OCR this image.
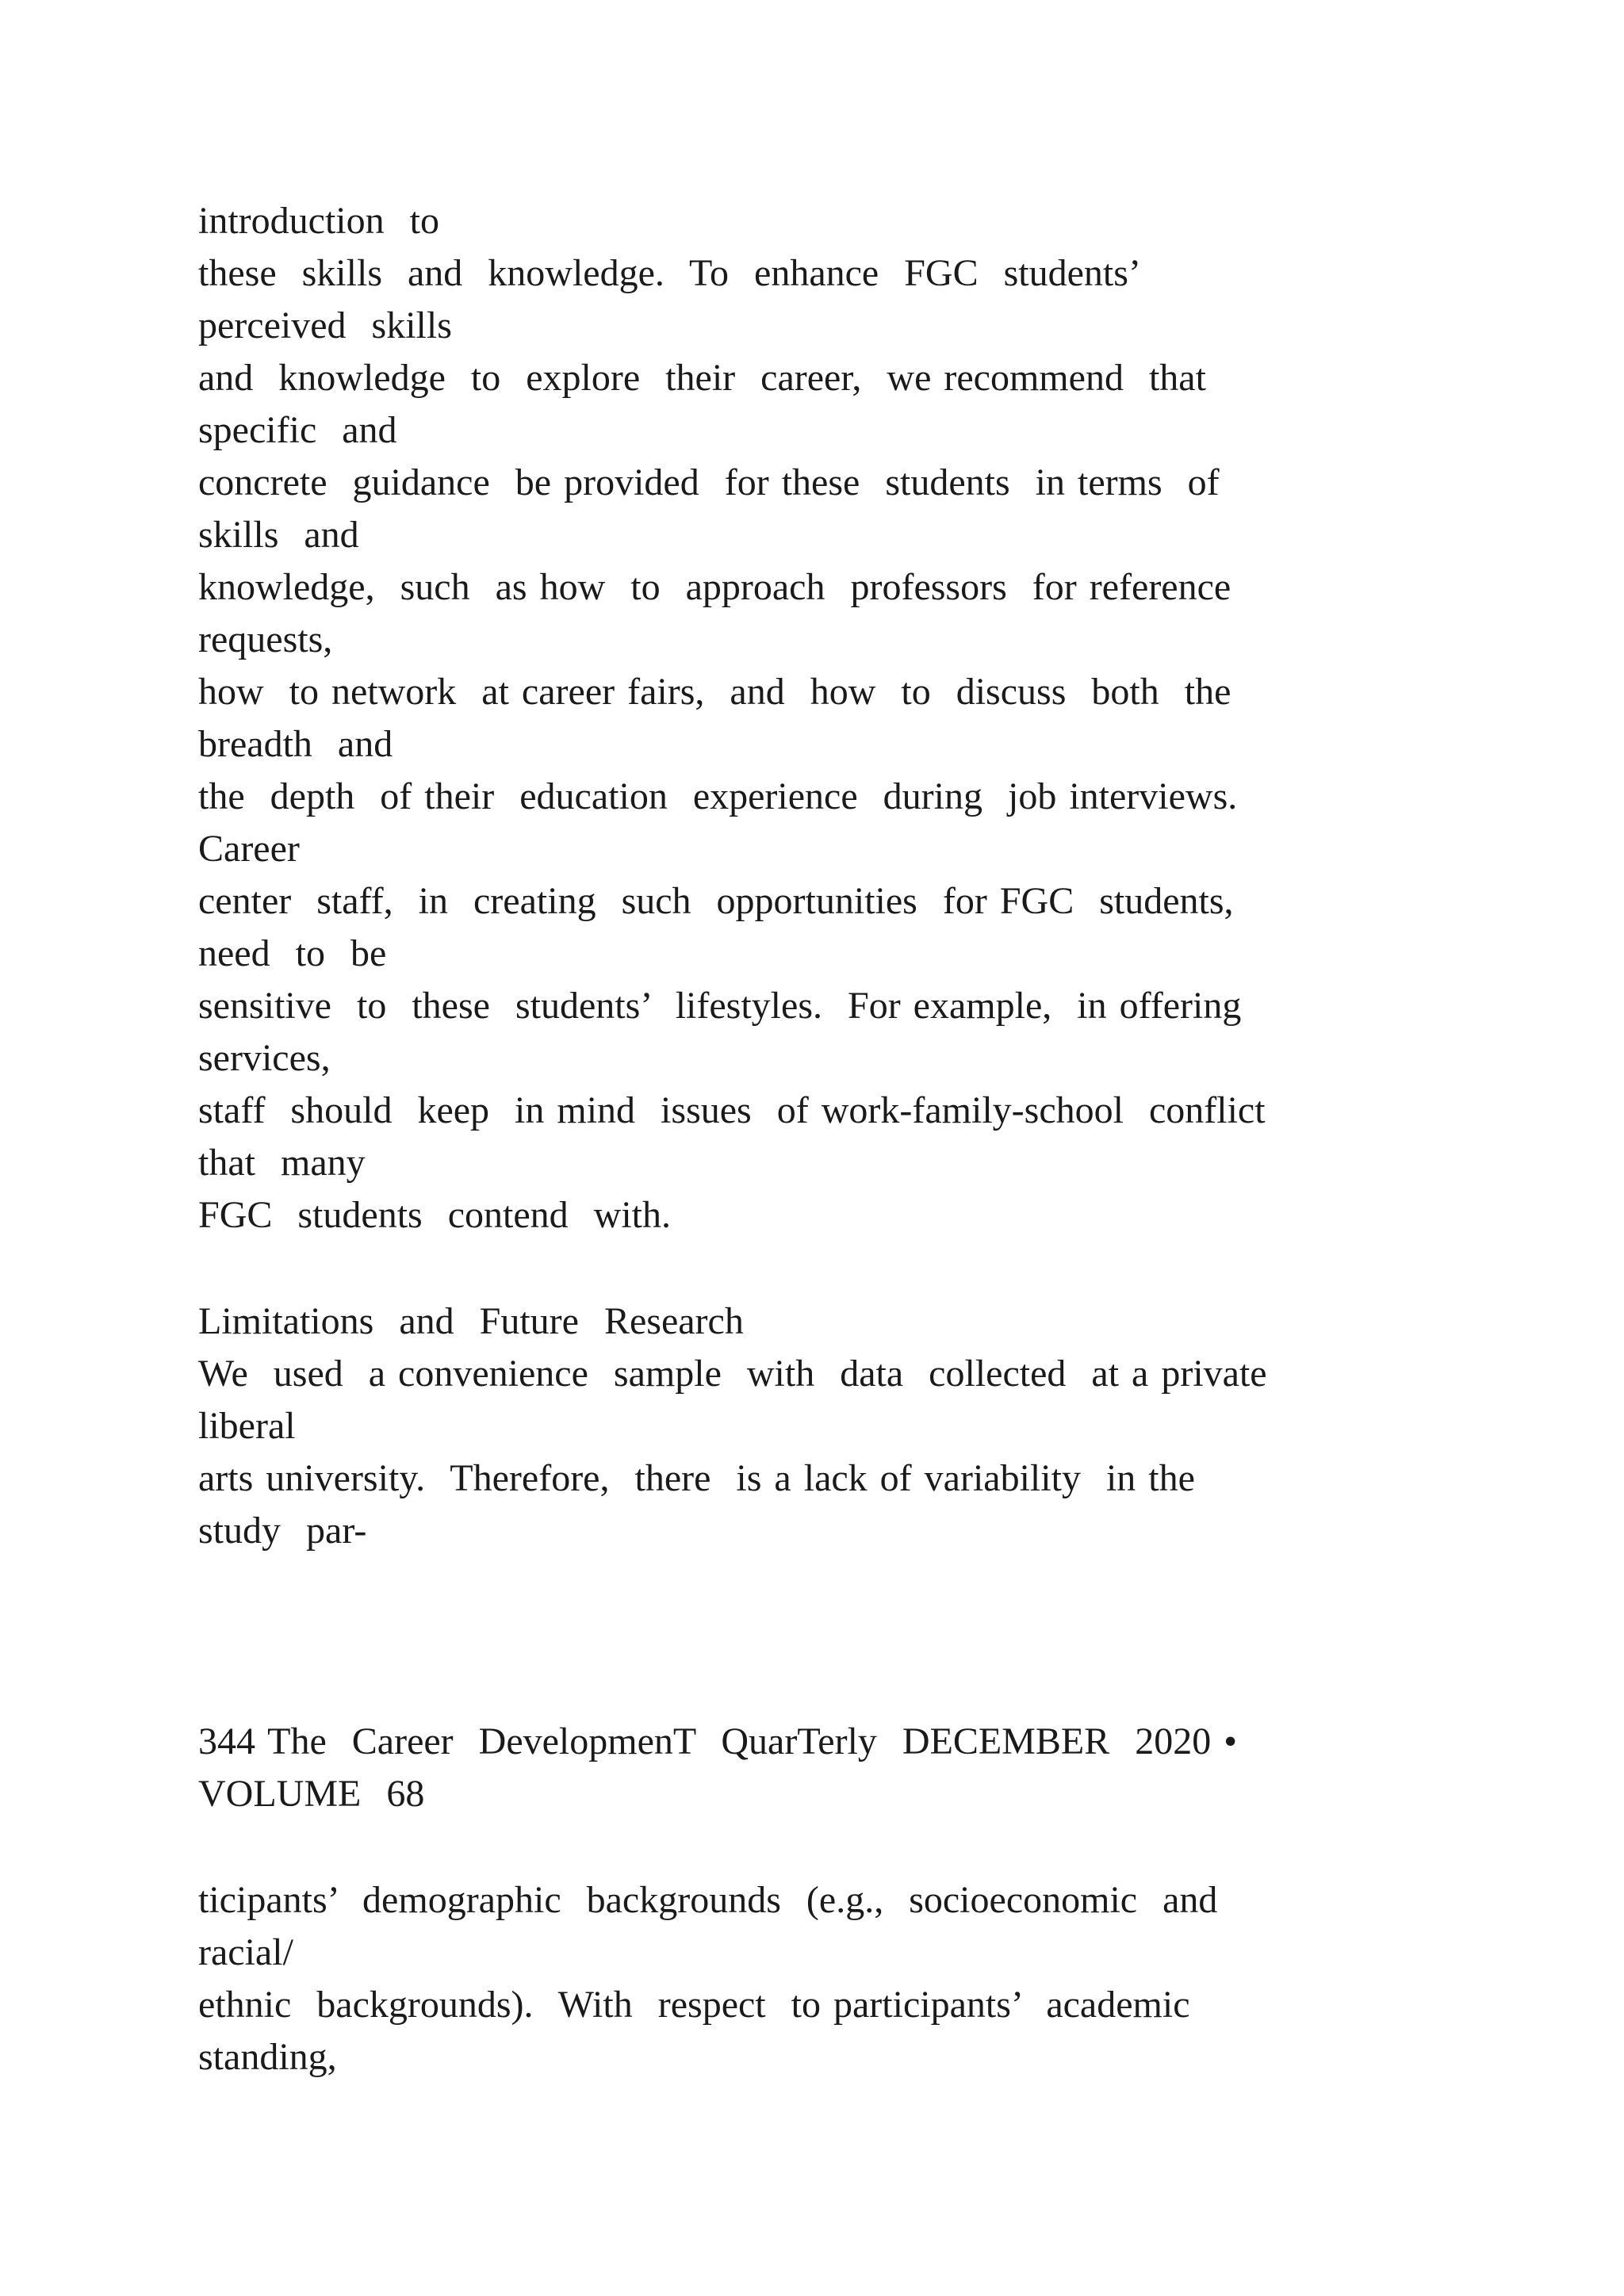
introduction  to
these  skills  and  knowledge.  To  enhance  FGC  students’
perceived  skills
and  knowledge  to  explore  their  career,  we recommend  that
specific  and
concrete  guidance  be provided  for these  students  in terms  of
skills  and
knowledge,  such  as how  to  approach  professors  for reference
requests,
how  to network  at career fairs,  and  how  to  discuss  both  the
breadth  and
the  depth  of their  education  experience  during  job interviews.
Career
center  staff,  in  creating  such  opportunities  for FGC  students,
need  to  be
sensitive  to  these  students’  lifestyles.  For example,  in offering
services,
staff  should  keep  in mind  issues  of work-family-school  conflict
that  many
FGC  students  contend  with.
Limitations  and  Future  Research
We  used  a convenience  sample  with  data  collected  at a private
liberal
arts university.  Therefore,  there  is a lack of variability  in the
study  par-
344 The  Career  DevelopmenT  QuarTerly  DECEMBER  2020 •
VOLUME  68
ticipants’  demographic  backgrounds  (e.g.,  socioeconomic  and
racial/
ethnic  backgrounds).  With  respect  to participants’  academic
standing,
